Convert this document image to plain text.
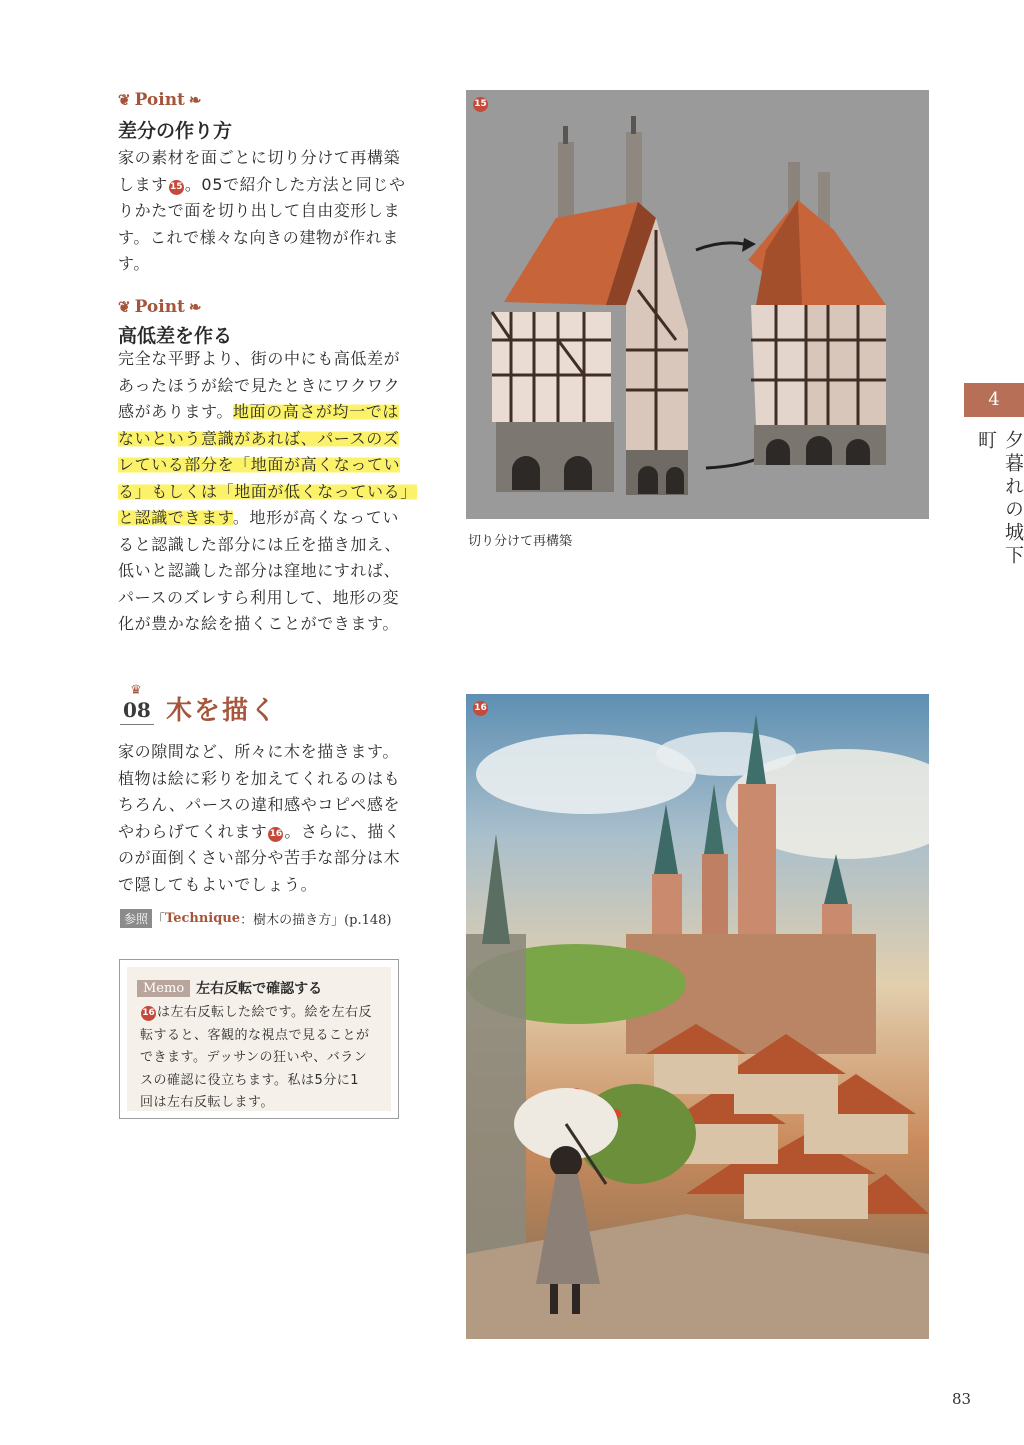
❦ Point ❧
差分の作り方

家の素材を面ごとに切り分けて再構築

します 15 。05で紹介した方法と同じや

りかたで面を切り出して自由変形しま

す。これで様々な向きの建物が作れま

す。

❦ Point ❧
高低差を作る

完全な平野より、街の中にも高低差が

あったほうが絵で見たときにワクワク

感があります。地面の高さが均一では

ないという意識があれば、パースのズ

レている部分を「地面が高くなってい

る」もしくは「地面が低くなっている」

と認識できます。地形が高くなってい

ると認識した部分には丘を描き加え、

低いと認識した部分は窪地にすれば、

パースのズレすら利用して、地形の変

化が豊かな絵を描くことができます。

♛
08 木を描く

家の隙間など、所々に木を描きます。

植物は絵に彩りを加えてくれるのはも

ちろん、パースの違和感やコピペ感を

やわらげてくれます 16 。さらに、描く

のが面倒くさい部分や苦手な部分は木

で隠してもよいでしょう。

参照 「 Technique ：樹木の描き方」(p.148)
Memo 左右反転で確認する

16 は左右反転した絵です。絵を左右反

転すると、客観的な視点で見ることが

できます。デッサンの狂いや、バラン

スの確認に役立ちます。私は5分に1

回は左右反転します。

15
切り分けて再構築
4
夕暮れの城下町
16
83
